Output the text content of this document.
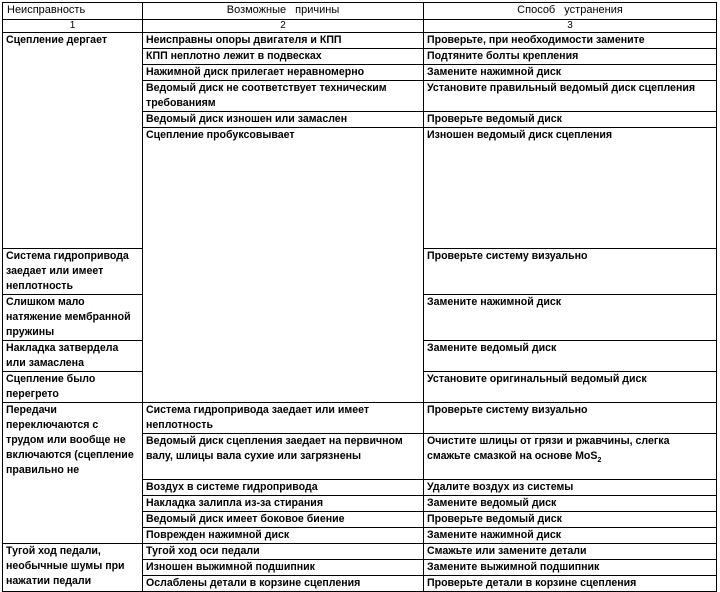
Неисправность	Возможные причины	Способ устранения	
1	2	3	
Сцепление дергает	Неисправны опоры двигателя и КПП	Проверьте, при необходимости замените	
	КПП неплотно лежит в подвесках	Подтяните болты крепления	
	Нажимной диск прилегает неравномерно	Замените нажимной диск	
	Ведомый диск не соответствует техническим требованиям	Установите правильный ведомый диск сцепления	
	Ведомый диск изношен или замаслен	Проверьте ведомый диск	
	Сцепление пробуксовывает	Изношен ведомый диск сцепления	
Система гидропривода заедает или имеет неплотность		Проверьте систему визуально	
Слишком мало натяжение мембранной пружины		Замените нажимной диск	
Накладка затвердела или замаслена		Замените ведомый диск	
Сцепление было перегрето		Установите оригинальный ведомый диск	
Передачи переключаются с трудом или вообще не включаются (сцепление правильно не	Система гидропривода заедает или имеет неплотность	Проверьте систему визуально	
	Ведомый диск сцепления заедает на первичном валу, шлицы вала сухие или загрязнены	Очистите шлицы от грязи и ржавчины, слегка смажьте смазкой на основе MoS$_2$
	Воздух в системе гидропривода	Удалите воздух из системы	
	Накладка залипла из-за стирания	Замените ведомый диск	
	Ведомый диск имеет боковое биение	Проверьте ведомый диск	
	Поврежден нажимной диск	Замените нажимной диск	
Тугой ход педали, необычные шумы при нажатии педали	Тугой ход оси педали	Смажьте или замените детали	
	Изношен выжимной подшипник	Замените выжимной подшипник	
	Ослаблены детали в корзине сцепления	Проверьте детали в корзине сцепления	
